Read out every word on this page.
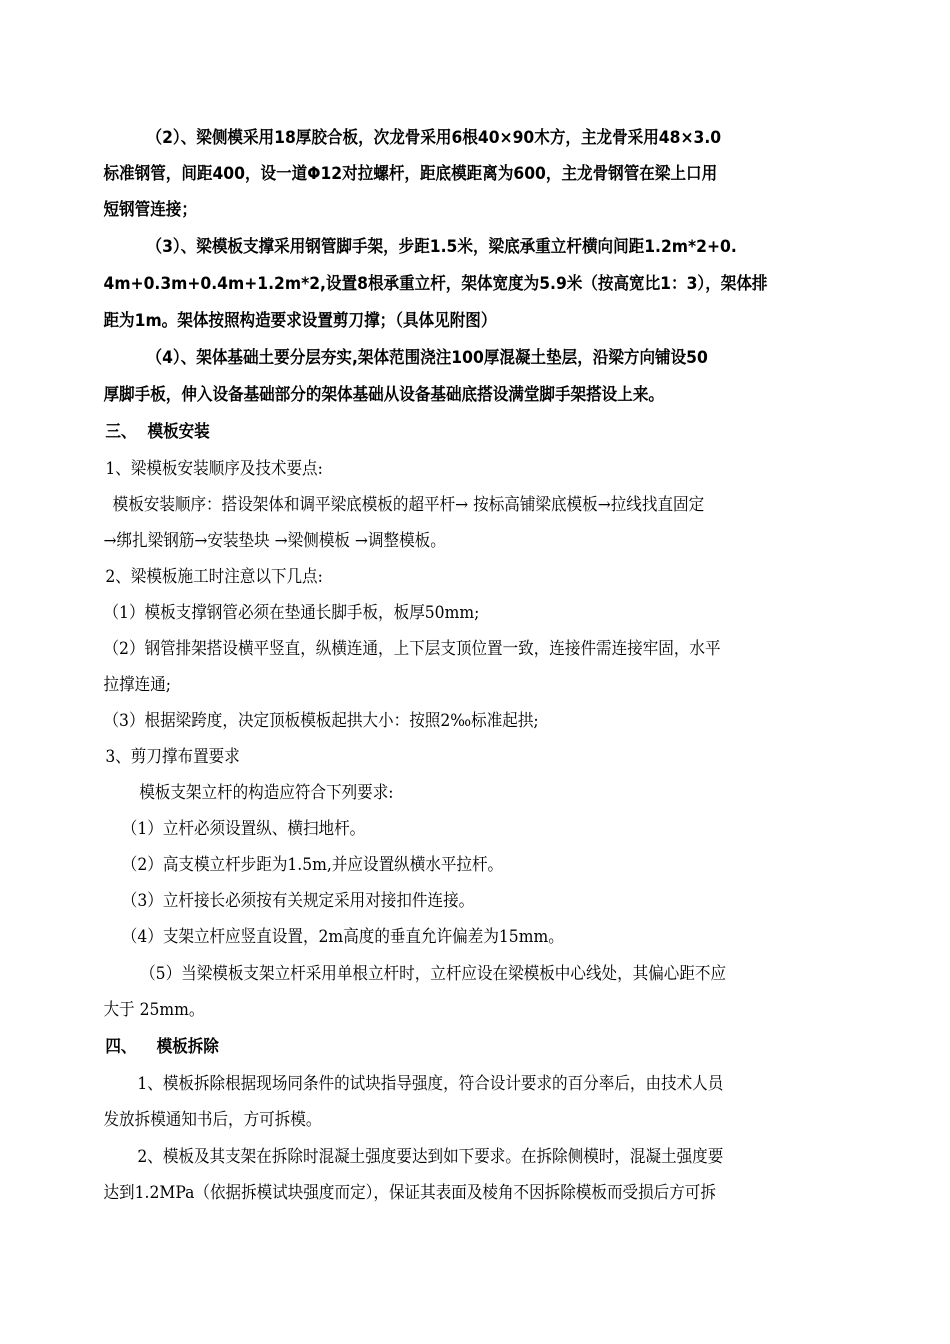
（2）、梁侧模采用18厚胶合板，次龙骨采用6根40×90木方，主龙骨采用48×3.0
标准钢管，间距400，设一道Φ12对拉螺杆，距底模距离为600，主龙骨钢管在梁上口用
短钢管连接；
（3）、梁模板支撑采用钢管脚手架，步距1.5米，梁底承重立杆横向间距1.2m*2+0.
4m+0.3m+0.4m+1.2m*2,设置8根承重立杆，架体宽度为5.9米（按高宽比1：3），架体排
距为1m。架体按照构造要求设置剪刀撑；（具体见附图）
（4）、架体基础土要分层夯实,架体范围浇注100厚混凝土垫层，沿梁方向铺设50
厚脚手板，伸入设备基础部分的架体基础从设备基础底搭设满堂脚手架搭设上来。
三、 模板安装
1、梁模板安装顺序及技术要点:
模板安装顺序：搭设架体和调平梁底模板的超平杆→ 按标高铺梁底模板→拉线找直固定
→绑扎梁钢筋→安装垫块 →梁侧模板 →调整模板。
2、梁模板施工时注意以下几点:
（1）模板支撑钢管必须在垫通长脚手板，板厚50mm;
（2）钢管排架搭设横平竖直，纵横连通，上下层支顶位置一致，连接件需连接牢固，水平
拉撑连通;
（3）根据梁跨度，决定顶板模板起拱大小：按照2‰标准起拱;
3、剪刀撑布置要求
模板支架立杆的构造应符合下列要求:
（1）立杆必须设置纵、横扫地杆。
（2）高支模立杆步距为1.5m,并应设置纵横水平拉杆。
（3）立杆接长必须按有关规定采用对接扣件连接。
（4）支架立杆应竖直设置，2m高度的垂直允许偏差为15mm。
（5）当梁模板支架立杆采用单根立杆时，立杆应设在梁模板中心线处，其偏心距不应
大于 25mm。
四、 模板拆除
1、模板拆除根据现场同条件的试块指导强度，符合设计要求的百分率后，由技术人员
发放拆模通知书后，方可拆模。
2、模板及其支架在拆除时混凝土强度要达到如下要求。在拆除侧模时，混凝土强度要
达到1.2MPa（依据拆模试块强度而定），保证其表面及棱角不因拆除模板而受损后方可拆
